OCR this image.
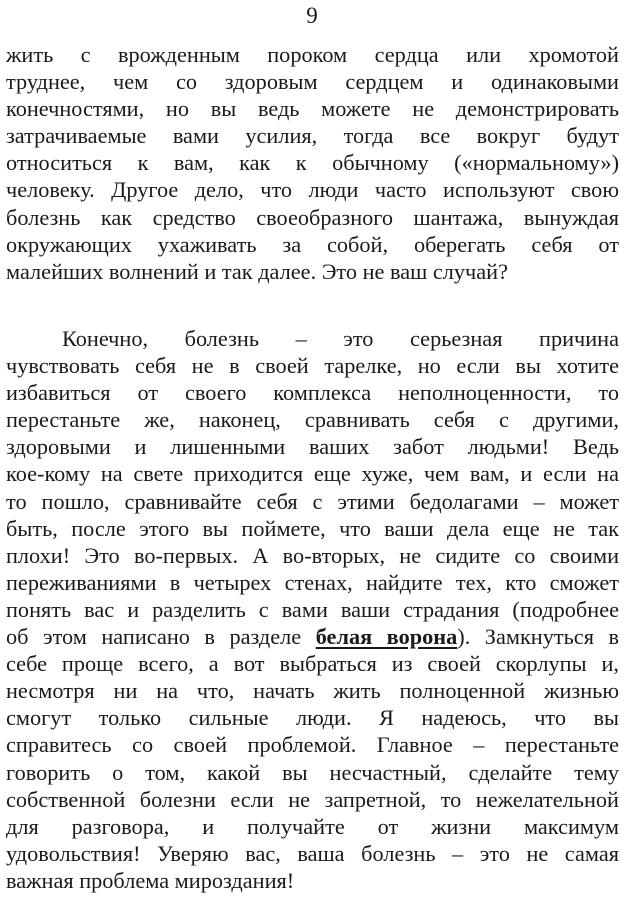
9
жить с врожденным пороком сердца или хромотой
труднее, чем со здоровым сердцем и одинаковыми
конечностями, но вы ведь можете не демонстрировать
затрачиваемые вами усилия, тогда все вокруг будут
относиться к вам, как к обычному («нормальному»)
человеку. Другое дело, что люди часто используют свою
болезнь как средство своеобразного шантажа, вынуждая
окружающих ухаживать за собой, оберегать себя от
малейших волнений и так далее. Это не ваш случай?
Конечно, болезнь – это серьезная причина
чувствовать себя не в своей тарелке, но если вы хотите
избавиться от своего комплекса неполноценности, то
перестаньте же, наконец, сравнивать себя с другими,
здоровыми и лишенными ваших забот людьми! Ведь
кое-кому на свете приходится еще хуже, чем вам, и если на
то пошло, сравнивайте себя с этими бедолагами – может
быть, после этого вы поймете, что ваши дела еще не так
плохи! Это во-первых. А во-вторых, не сидите со своими
переживаниями в четырех стенах, найдите тех, кто сможет
понять вас и разделить с вами ваши страдания (подробнее
об этом написано в разделе белая ворона). Замкнуться в
себе проще всего, а вот выбраться из своей скорлупы и,
несмотря ни на что, начать жить полноценной жизнью
смогут только сильные люди. Я надеюсь, что вы
справитесь со своей проблемой. Главное – перестаньте
говорить о том, какой вы несчастный, сделайте тему
собственной болезни если не запретной, то нежелательной
для разговора, и получайте от жизни максимум
удовольствия! Уверяю вас, ваша болезнь – это не самая
важная проблема мироздания!
